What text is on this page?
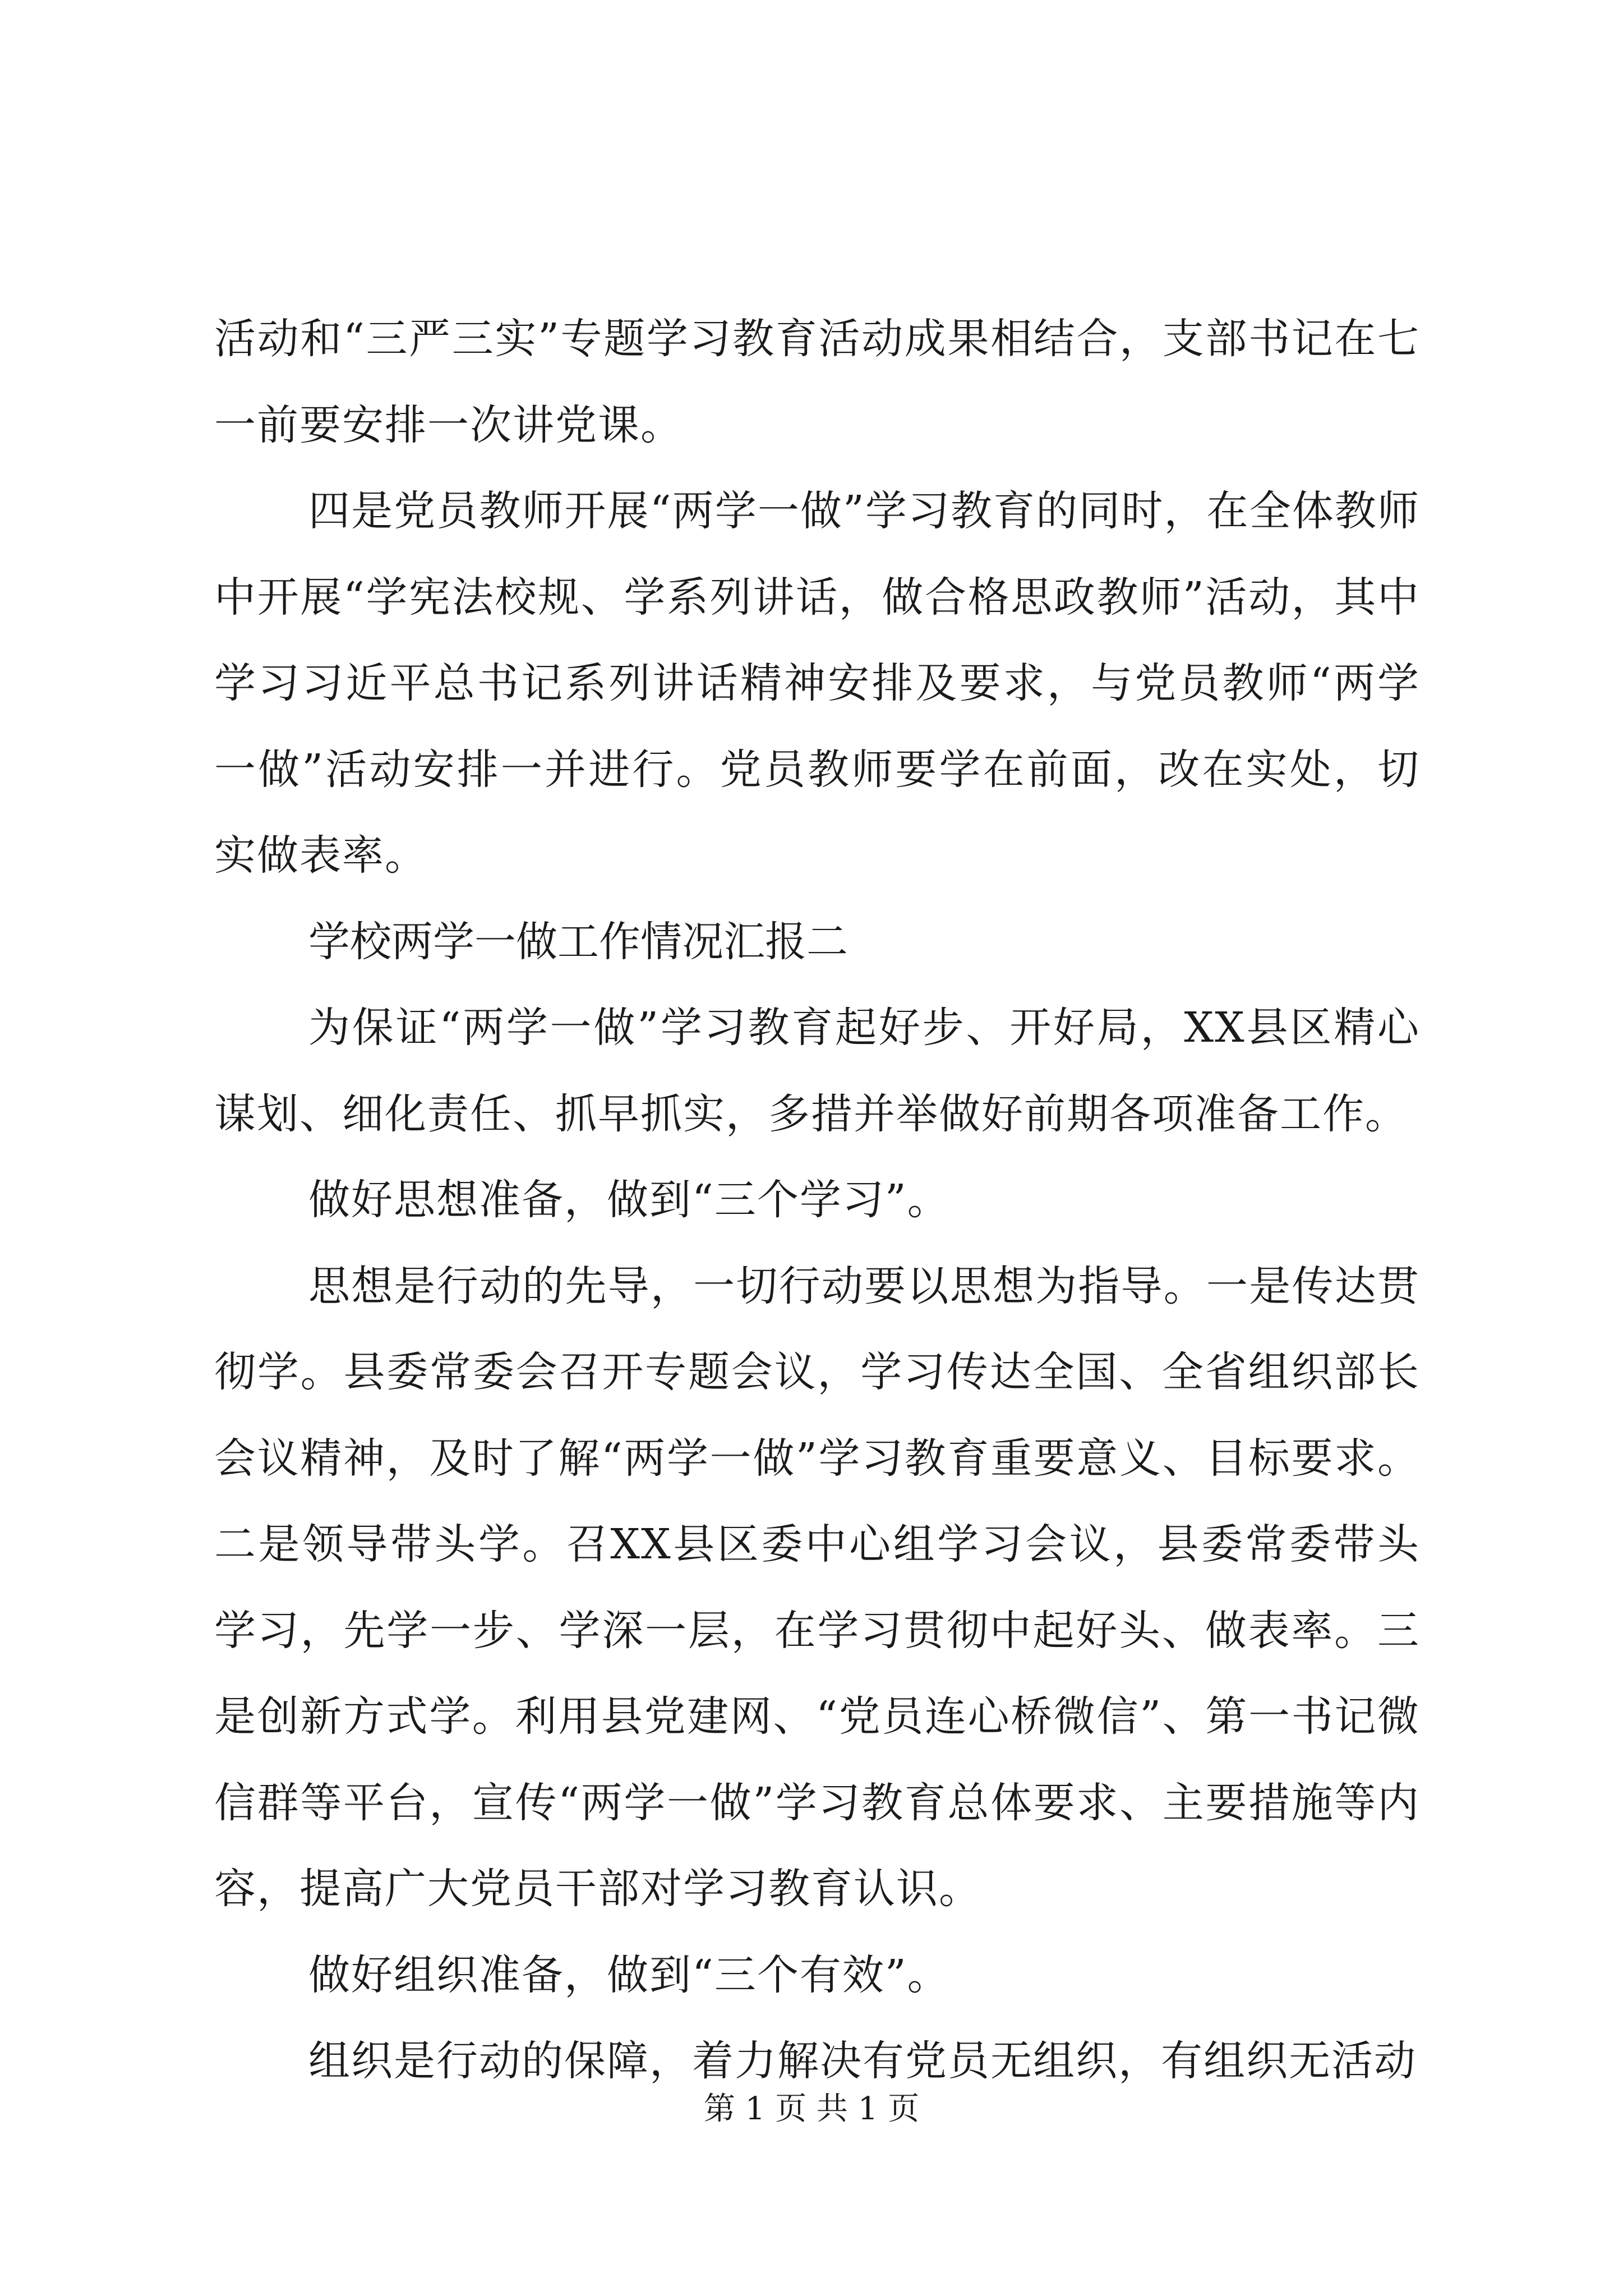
活动和“三严三实”专题学习教育活动成果相结合，支部书记在七一前要安排一次讲党课。

四是党员教师开展“两学一做”学习教育的同时，在全体教师中开展“学宪法校规、学系列讲话，做合格思政教师”活动，其中学习习近平总书记系列讲话精神安排及要求，与党员教师“两学一做”活动安排一并进行。党员教师要学在前面，改在实处，切实做表率。

学校两学一做工作情况汇报二

为保证“两学一做”学习教育起好步、开好局，XX县区精心谋划、细化责任、抓早抓实，多措并举做好前期各项准备工作。

做好思想准备，做到“三个学习”。

思想是行动的先导，一切行动要以思想为指导。一是传达贯彻学。县委常委会召开专题会议，学习传达全国、全省组织部长会议精神，及时了解“两学一做”学习教育重要意义、目标要求。二是领导带头学。召XX县区委中心组学习会议，县委常委带头学习，先学一步、学深一层，在学习贯彻中起好头、做表率。三是创新方式学。利用县党建网、“党员连心桥微信”、第一书记微信群等平台，宣传“两学一做”学习教育总体要求、主要措施等内容，提高广大党员干部对学习教育认识。

做好组织准备，做到“三个有效”。

组织是行动的保障，着力解决有党员无组织，有组织无活动

第 1 页 共 1 页
